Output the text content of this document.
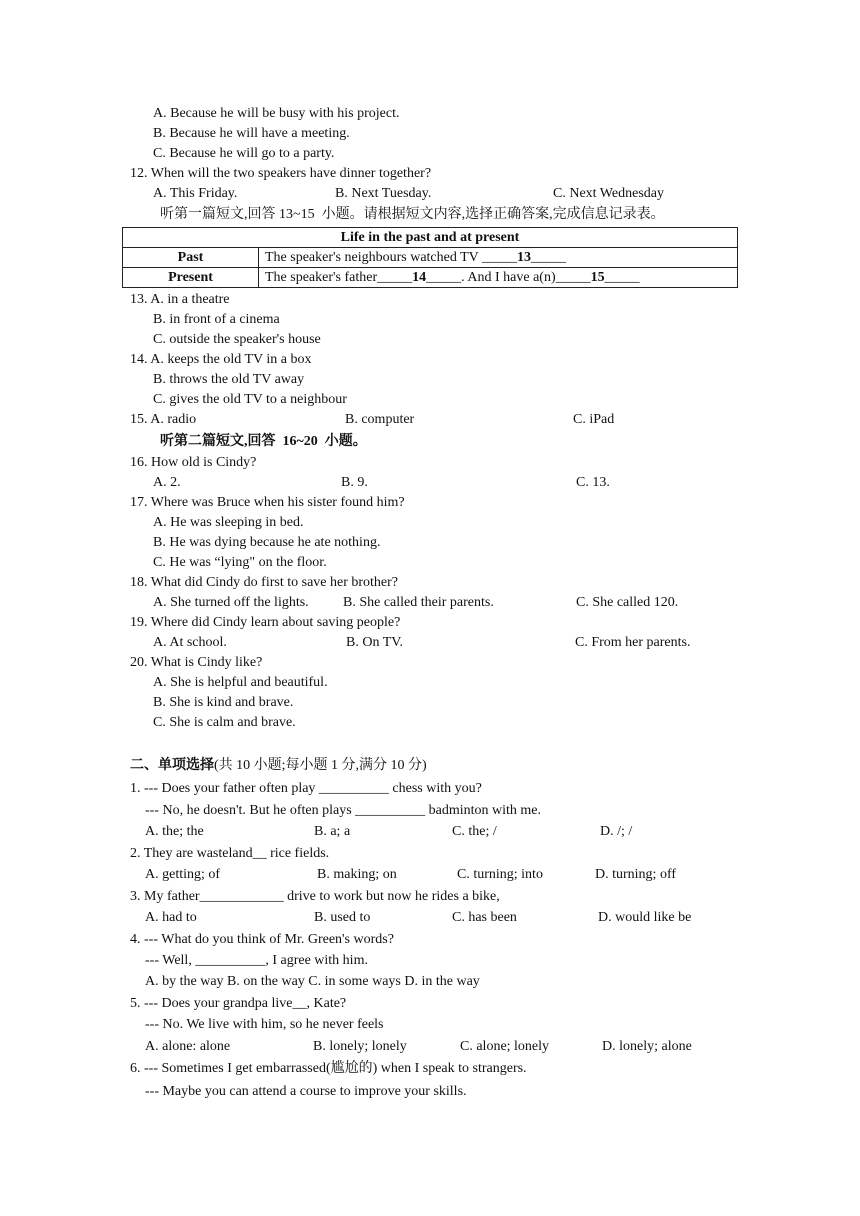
A. Because he will be busy with his project.
B. Because he will have a meeting.
C. Because he will go to a party.
12. When will the two speakers have dinner together?
A. This Friday.	B. Next Tuesday.	C. Next Wednesday
听第一篇短文,回答 13~15  小题。请根据短文内容,选择正确答案,完成信息记录表。
Life in the past and at present	
Past	The speaker's neighbours watched TV _____13_____
Present	The speaker's father_____14_____. And I have a(n)_____15_____
13. A. in a theatre
B. in front of a cinema
C. outside the speaker's house
14. A. keeps the old TV in a box
B. throws the old TV away
C. gives the old TV to a neighbour
15. A. radio	B. computer	C. iPad
听第二篇短文,回答  16~20  小题。
16. How old is Cindy?
A. 2.	B. 9.	C. 13.
17. Where was Bruce when his sister found him?
A. He was sleeping in bed.
B. He was dying because he ate nothing.
C. He was “lying" on the floor.
18. What did Cindy do first to save her brother?
A. She turned off the lights. B. She called their parents.	C. She called 120.
19. Where did Cindy learn about saving people?
A. At school.	B. On TV.	C. From her parents.
20. What is Cindy like?
A. She is helpful and beautiful.
B. She is kind and brave.
C. She is calm and brave.
二、单项选择(共 10 小题;每小题 1 分,满分 10 分)
1. --- Does your father often play __________ chess with you?
--- No, he doesn't. But he often plays __________ badminton with me.
A. the; the	B. a; a	C. the; /	D. /; /
2. They are wasteland__ rice fields.
A. getting; of	B. making; on	C. turning; into	D. turning; off
3. My father____________ drive to work but now he rides a bike,
A. had to	B. used to	C. has been	D. would like be
4. --- What do you think of Mr. Green's words?
--- Well, __________, I agree with him.
A. by the way B. on the way C. in some ways D. in the way
5. --- Does your grandpa live__, Kate?
--- No. We live with him, so he never feels
A. alone: alone	B. lonely; lonely	C. alone; lonely	D. lonely; alone
6. --- Sometimes I get embarrassed(尴尬的) when I speak to strangers.
--- Maybe you can attend a course to improve your skills.
